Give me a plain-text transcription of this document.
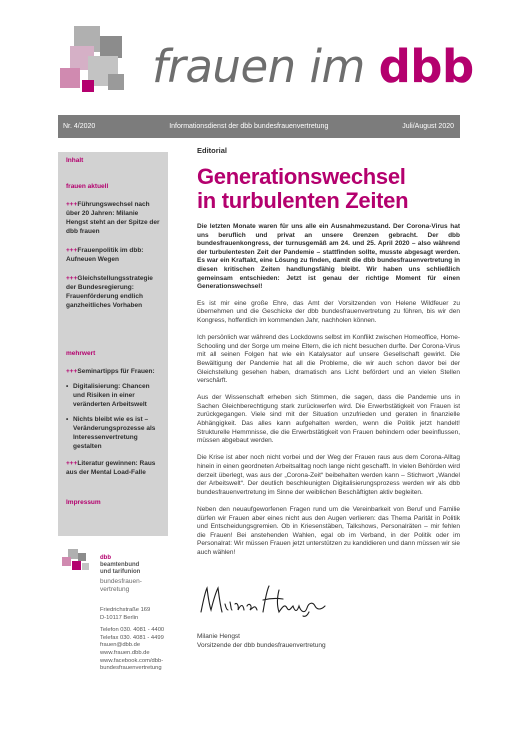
frauen im dbb
Nr. 4/2020	Informationsdienst der dbb bundesfrauenvertretung	Juli/August 2020
Inhalt
frauen aktuell
+++Führungswechsel nach über 20 Jahren: Milanie Hengst steht an der Spitze der dbb frauen
+++Frauenpolitik im dbb: Aufneuen Wegen
+++Gleichstellungsstrategie der Bundesregierung: Frauenförderung endlich ganzheitliches Vorhaben
mehrwert
+++Seminartipps für Frauen:
• Digitalisierung: Chancen und Risiken in einer veränderten Arbeitswelt
• Nichts bleibt wie es ist – Veränderungsprozesse als Interessenvertretung gestalten
+++Literatur gewinnen: Raus aus der Mental Load-Falle
Impressum
dbb
beamtenbund
und tarifunion
bundesfrauen-
vertretung
Friedrichstraße 169
D-10117 Berlin
Telefon 030. 4081 - 4400
Telefax 030. 4081 - 4499
frauen@dbb.de
www.frauen.dbb.de
www.facebook.com/dbb-
bundesfrauenvertretung
Editorial
Generationswechsel
in turbulenten Zeiten

Die letzten Monate waren für uns alle ein Ausnahmezustand. Der Corona-Virus hat uns beruflich und privat an unsere Grenzen gebracht. Der dbb bundesfrauenkongress, der turnusgemäß am 24. und 25. April 2020 – also während der turbulentesten Zeit der Pandemie – stattfinden sollte, musste abgesagt werden. Es war ein Kraftakt, eine Lösung zu finden, damit die dbb bundesfrauenvertretung in diesen kritischen Zeiten handlungsfähig bleibt. Wir haben uns schließlich gemeinsam entschieden: Jetzt ist genau der richtige Moment für einen Generationswechsel!

Es ist mir eine große Ehre, das Amt der Vorsitzenden von Helene Wildfeuer zu übernehmen und die Geschicke der dbb bundesfrauenvertretung zu führen, bis wir den Kongress, hoffentlich im kommenden Jahr, nachholen können.

Ich persönlich war während des Lockdowns selbst im Konflikt zwischen Homeoffice, Home-Schooling und der Sorge um meine Eltern, die ich nicht besuchen durfte. Der Corona-Virus mit all seinen Folgen hat wie ein Katalysator auf unsere Gesellschaft gewirkt. Die Bewältigung der Pandemie hat all die Probleme, die wir auch schon davor bei der Gleichstellung gesehen haben, dramatisch ans Licht befördert und an vielen Stellen verschärft.

Aus der Wissenschaft erheben sich Stimmen, die sagen, dass die Pandemie uns in Sachen Gleichberechtigung stark zurückwerfen wird. Die Erwerbstätigkeit von Frauen ist zurückgegangen. Viele sind mit der Situation unzufrieden und geraten in finanzielle Abhängigkeit. Das alles kann aufgehalten werden, wenn die Politik jetzt handelt! Strukturelle Hemmnisse, die die Erwerbstätigkeit von Frauen behindern oder beeinflussen, müssen abgebaut werden.

Die Krise ist aber noch nicht vorbei und der Weg der Frauen raus aus dem Corona-Alltag hinein in einen geordneten Arbeitsalltag noch lange nicht geschafft. In vielen Behörden wird derzeit überlegt, was aus der „Corona-Zeit“ beibehalten werden kann – Stichwort „Wandel der Arbeitswelt“. Der deutlich beschleunigten Digitalisierungsprozess werden wir als dbb bundesfrauenvertretung im Sinne der weiblichen Beschäftigten aktiv begleiten.

Neben den neuaufgeworfenen Fragen rund um die Vereinbarkeit von Beruf und Familie dürfen wir Frauen aber eines nicht aus den Augen verlieren: das Thema Parität in Politik und Entscheidungsgremien. Ob in Kriesenstäben, Talkshows, Personalräten – mir fehlen die Frauen! Bei anstehenden Wahlen, egal ob im Verband, in der Politik oder im Personalrat: Wir müssen Frauen jetzt unterstützen zu kandidieren und dann müssen wir sie auch wählen!

Milanie Hengst
Vorsitzende der dbb bundesfrauenvertretung
